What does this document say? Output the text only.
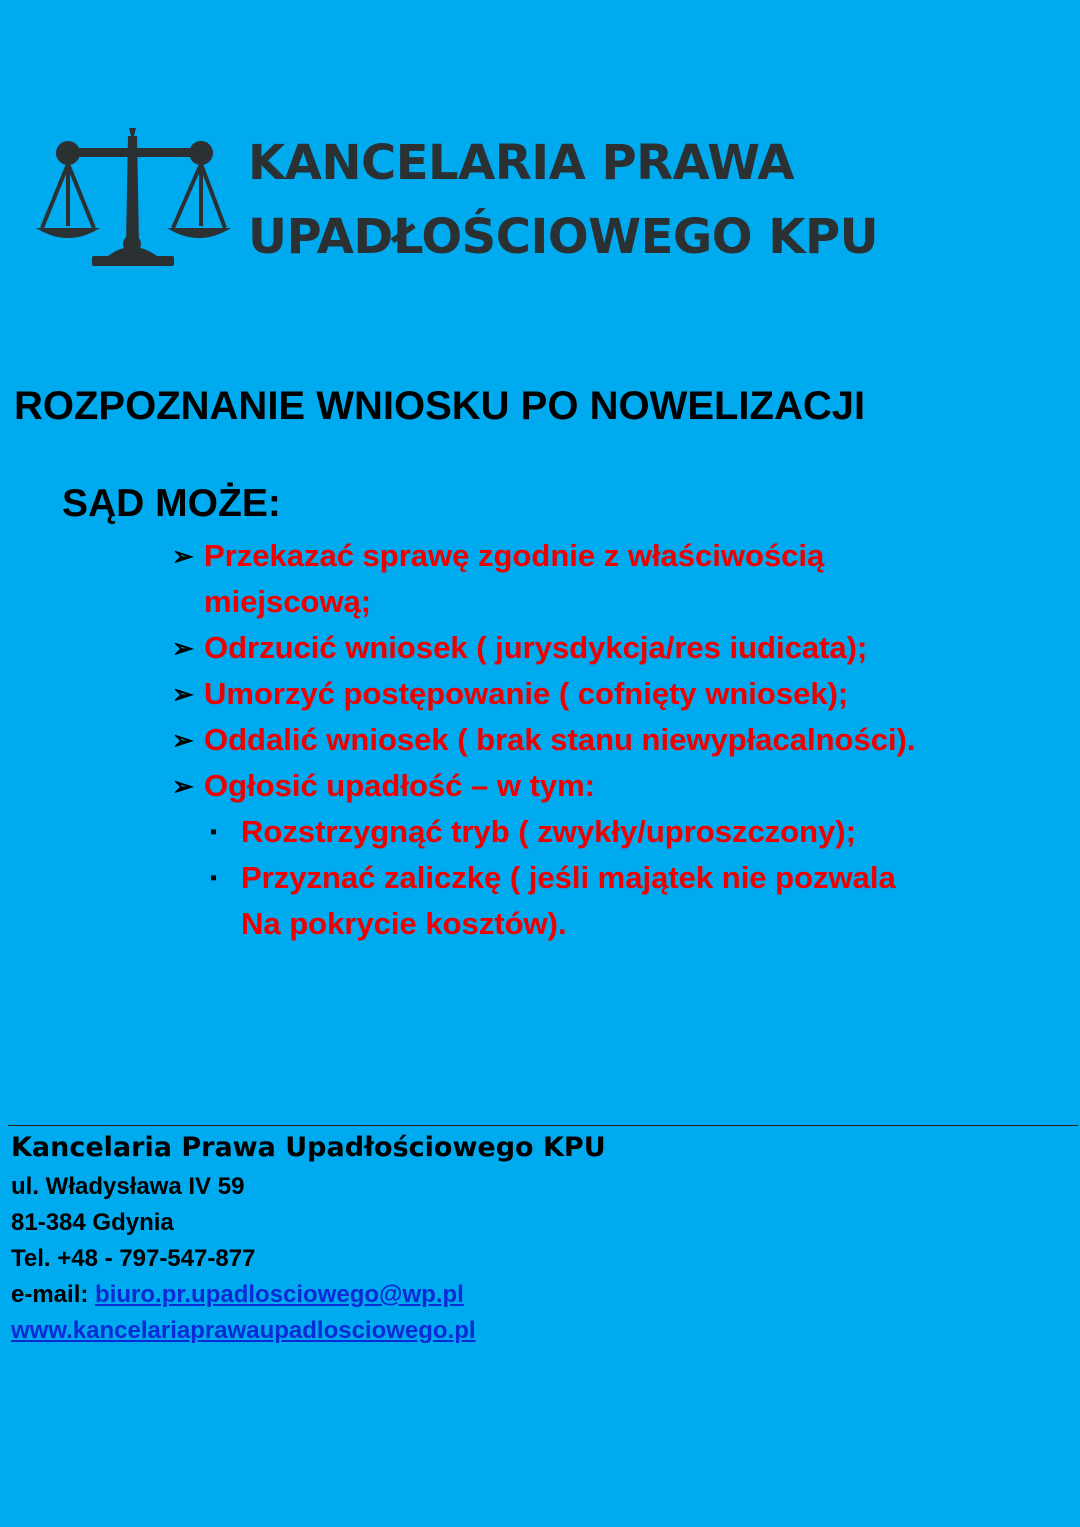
KANCELARIA PRAWA
UPADŁOŚCIOWEGO KPU
ROZPOZNANIE WNIOSKU PO NOWELIZACJI
SĄD MOŻE:
➢ Przekazać sprawę zgodnie z właściwością
miejscową;
➢ Odrzucić wniosek ( jurysdykcja/res iudicata);
➢ Umorzyć postępowanie ( cofnięty wniosek);
➢ Oddalić wniosek ( brak stanu niewypłacalności).
➢ Ogłosić upadłość – w tym:
▪ Rozstrzygnąć tryb ( zwykły/uproszczony);
▪ Przyznać zaliczkę ( jeśli majątek nie pozwala
Na pokrycie kosztów).
Kancelaria Prawa Upadłościowego KPU
ul. Władysława IV 59
81-384 Gdynia
Tel. +48 - 797-547-877
e-mail: biuro.pr.upadlosciowego@wp.pl
www.kancelariaprawaupadlosciowego.pl
